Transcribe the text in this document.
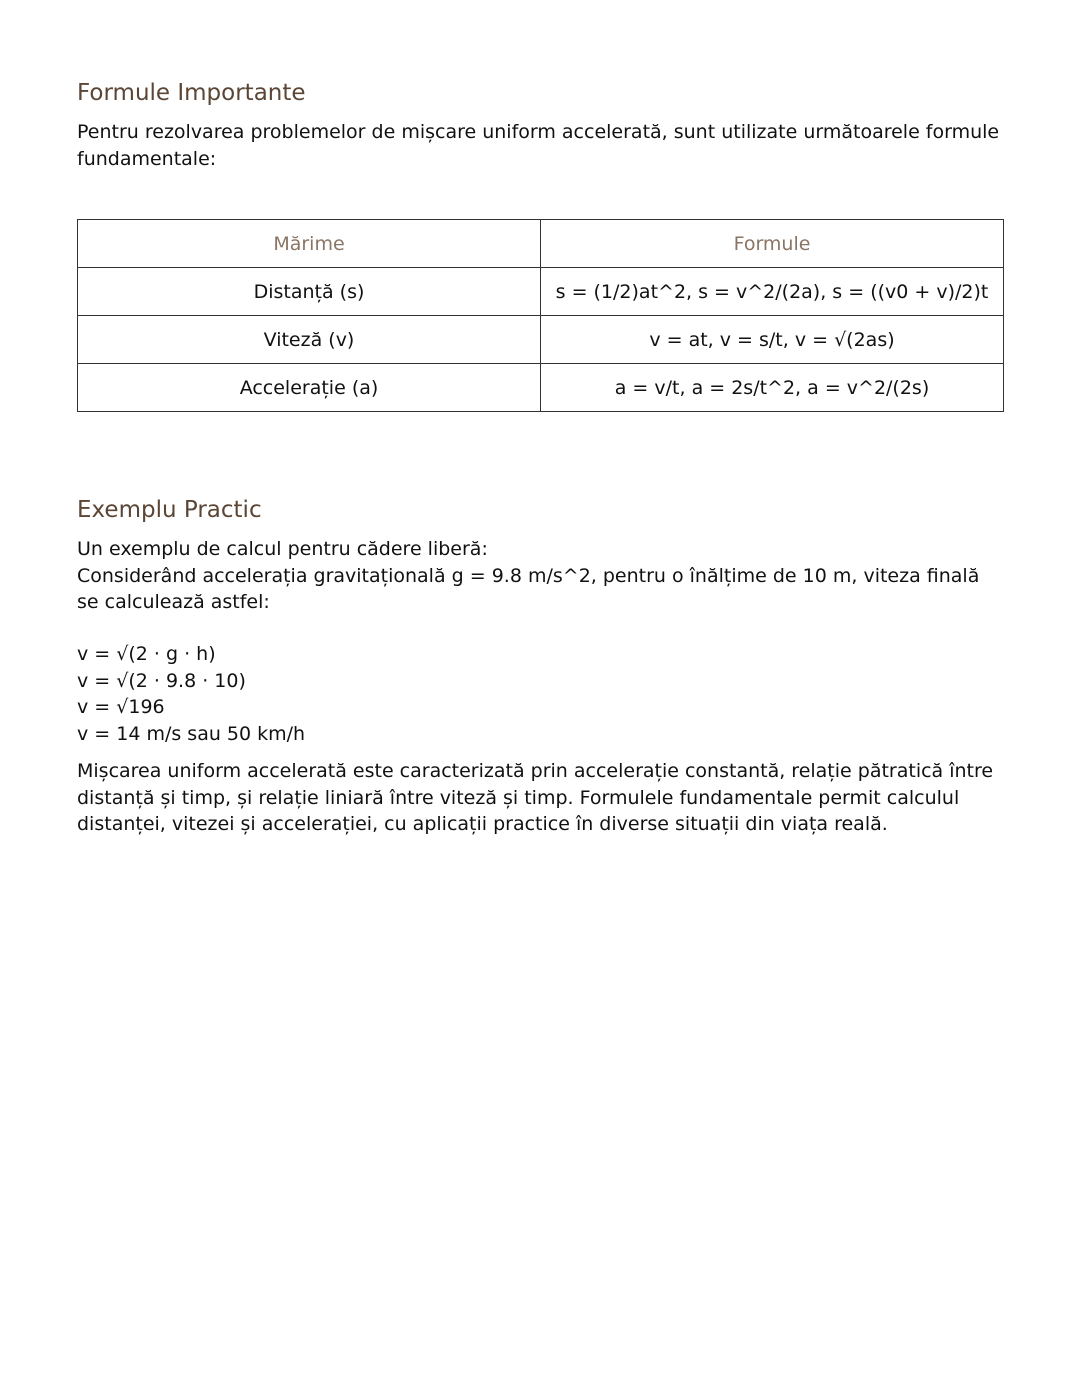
Formule Importante

Pentru rezolvarea problemelor de mișcare uniform accelerată, sunt utilizate următoarele formule fundamentale:

Mărime	Formule
Distanță (s)	s = (1/2)at^2, s = v^2/(2a), s = ((v0 + v)/2)t
Viteză (v)	v = at, v = s/t, v = √(2as)
Accelerație (a)	a = v/t, a = 2s/t^2, a = v^2/(2s)
Exemplu Practic

Un exemplu de calcul pentru cădere liberă:
Considerând accelerația gravitațională g = 9.8 m/s^2, pentru o înălțime de 10 m, viteza finală se calculează astfel:

v = √(2 · g · h)
v = √(2 · 9.8 · 10)
v = √196
v = 14 m/s sau 50 km/h

Mișcarea uniform accelerată este caracterizată prin accelerație constantă, relație pătratică între distanță și timp, și relație liniară între viteză și timp. Formulele fundamentale permit calculul distanței, vitezei și accelerației, cu aplicații practice în diverse situații din viața reală.
